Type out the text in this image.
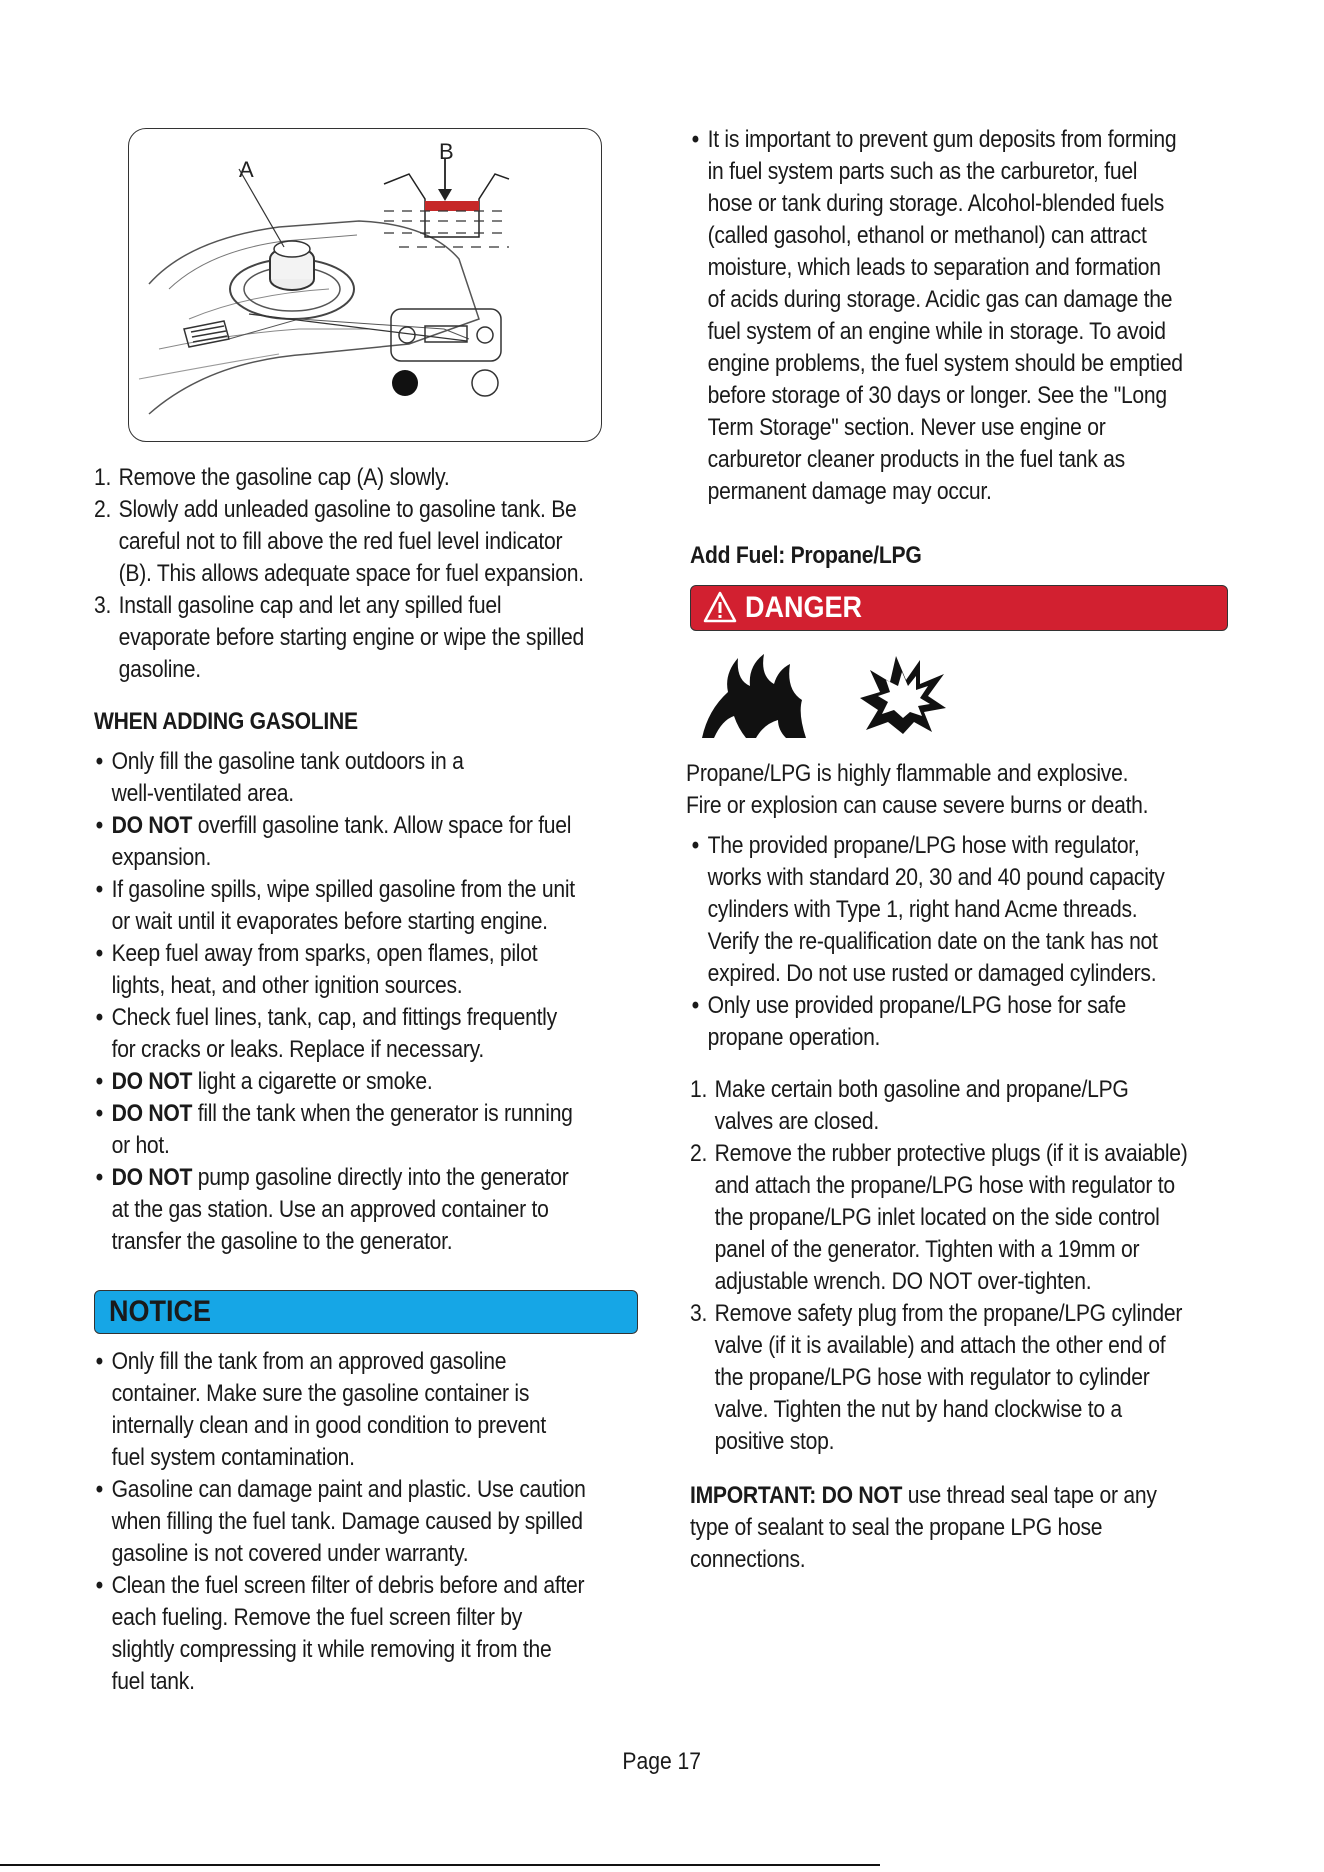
A
B
1. Remove the gasoline cap (A) slowly.
2. Slowly add unleaded gasoline to gasoline tank. Be
careful not to fill above the red fuel level indicator
(B). This allows adequate space for fuel expansion.
3. Install gasoline cap and let any spilled fuel
evaporate before starting engine or wipe the spilled
gasoline.
WHEN ADDING GASOLINE
• Only fill the gasoline tank outdoors in a
well-ventilated area.
• DO NOT overfill gasoline tank. Allow space for fuel
expansion.
• If gasoline spills, wipe spilled gasoline from the unit
or wait until it evaporates before starting engine.
• Keep fuel away from sparks, open flames, pilot
lights, heat, and other ignition sources.
• Check fuel lines, tank, cap, and fittings frequently
for cracks or leaks. Replace if necessary.
• DO NOT light a cigarette or smoke.
• DO NOT fill the tank when the generator is running
or hot.
• DO NOT pump gasoline directly into the generator
at the gas station. Use an approved container to
transfer the gasoline to the generator.
NOTICE
• Only fill the tank from an approved gasoline
container. Make sure the gasoline container is
internally clean and in good condition to prevent
fuel system contamination.
• Gasoline can damage paint and plastic. Use caution
when filling the fuel tank. Damage caused by spilled
gasoline is not covered under warranty.
• Clean the fuel screen filter of debris before and after
each fueling. Remove the fuel screen filter by
slightly compressing it while removing it from the
fuel tank.
• It is important to prevent gum deposits from forming
in fuel system parts such as the carburetor, fuel
hose or tank during storage. Alcohol-blended fuels
(called gasohol, ethanol or methanol) can attract
moisture, which leads to separation and formation
of acids during storage. Acidic gas can damage the
fuel system of an engine while in storage. To avoid
engine problems, the fuel system should be emptied
before storage of 30 days or longer. See the "Long
Term Storage" section. Never use engine or
carburetor cleaner products in the fuel tank as
permanent damage may occur.
Add Fuel: Propane/LPG
DANGER
Propane/LPG is highly flammable and explosive.
Fire or explosion can cause severe burns or death.
• The provided propane/LPG hose with regulator,
works with standard 20, 30 and 40 pound capacity
cylinders with Type 1, right hand Acme threads.
Verify the re-qualification date on the tank has not
expired. Do not use rusted or damaged cylinders.
• Only use provided propane/LPG hose for safe
propane operation.
1. Make certain both gasoline and propane/LPG
valves are closed.
2. Remove the rubber protective plugs (if it is avaiable)
and attach the propane/LPG hose with regulator to
the propane/LPG inlet located on the side control
panel of the generator. Tighten with a 19mm or
adjustable wrench. DO NOT over-tighten.
3. Remove safety plug from the propane/LPG cylinder
valve (if it is available) and attach the other end of
the propane/LPG hose with regulator to cylinder
valve. Tighten the nut by hand clockwise to a
positive stop.
IMPORTANT: DO NOT use thread seal tape or any
type of sealant to seal the propane LPG hose
connections.
Page 17
